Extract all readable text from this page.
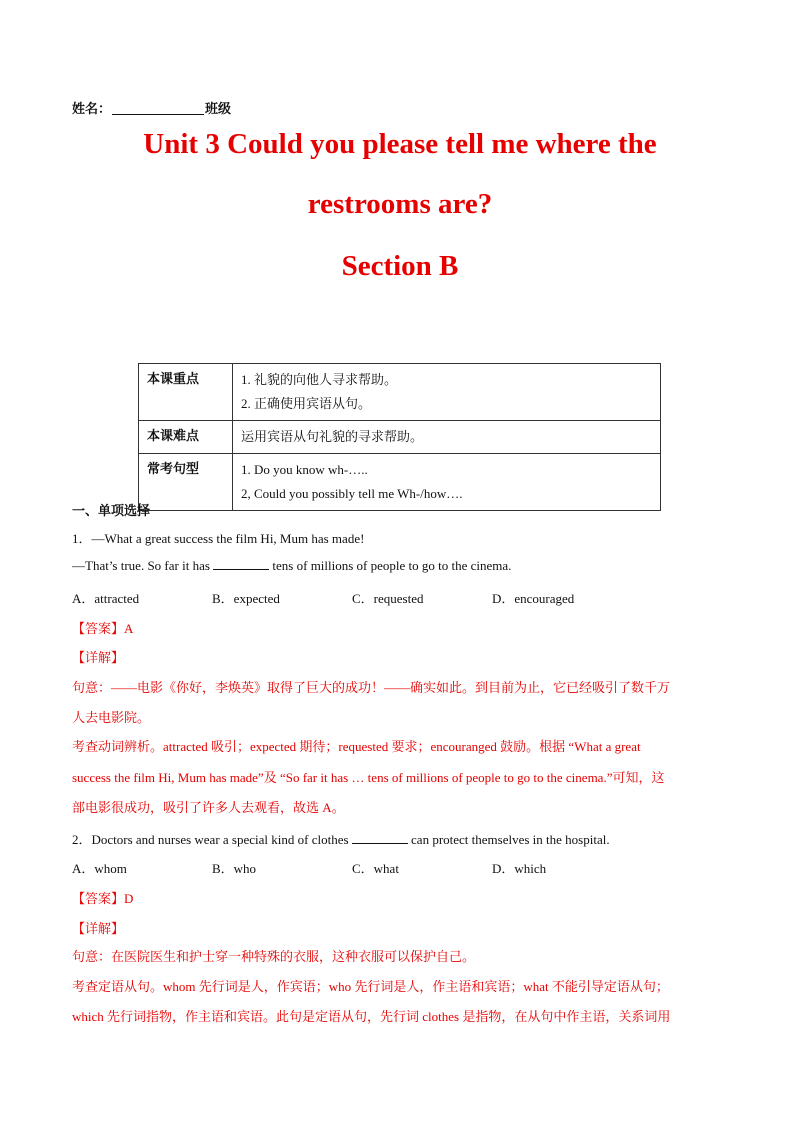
姓名：	班级
Unit 3 Could you please tell me where the
restrooms are?
Section B
本课重点	1. 礼貌的向他人寻求帮助。
2. 正确使用宾语从句。

本课难点	运用宾语从句礼貌的寻求帮助。

常考句型	1. Do you know wh-…..
2, Could you possibly tell me Wh-/how….
一、单项选择
1．—What a great success the film Hi, Mum has made!
—That’s true. So far it has	tens of millions of people to go to the cinema.
A．attracted	B．expected	C．requested	D．encouraged
【答案】A
【详解】
句意：——电影《你好，李焕英》取得了巨大的成功！——确实如此。到目前为止，它已经吸引了数千万
人去电影院。
考查动词辨析。attracted 吸引；expected 期待；requested 要求；encouranged 鼓励。根据 “What a great
success the film Hi, Mum has made”及 “So far it has … tens of millions of people to go to the cinema.”可知，这
部电影很成功，吸引了许多人去观看，故选 A。
2．Doctors and nurses wear a special kind of clothes	can protect themselves in the hospital.
A．whom	B．who	C．what	D．which
【答案】D
【详解】
句意：在医院医生和护士穿一种特殊的衣服，这种衣服可以保护自己。
考查定语从句。whom 先行词是人，作宾语；who 先行词是人，作主语和宾语；what 不能引导定语从句；
which 先行词指物，作主语和宾语。此句是定语从句，先行词 clothes 是指物，在从句中作主语，关系词用
